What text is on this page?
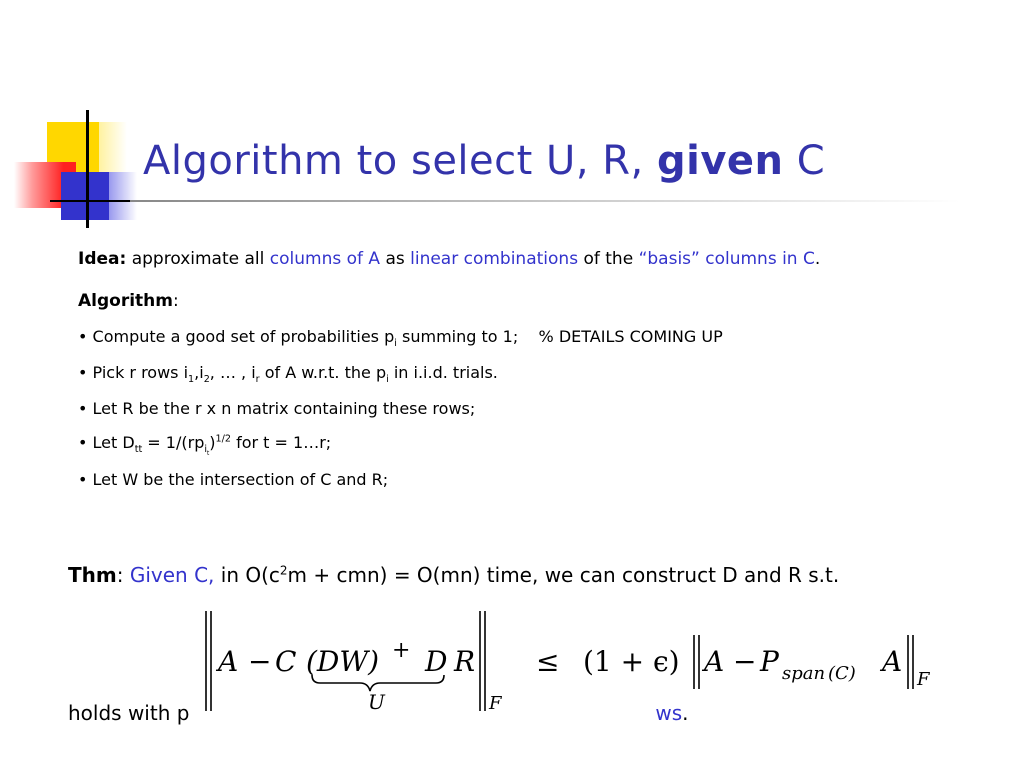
Algorithm to select U, R, given C
Idea: approximate all columns of A as linear combinations of the “basis” columns in C.
Algorithm:
• Compute a good set of probabilities $p_i$ summing to 1;    % DETAILS COMING UP
• Pick r rows $i_1,i_2$, … , $i_r$ of A w.r.t. the $p_i$ in i.i.d. trials.
• Let R be the r x n matrix containing these rows;
• Let $D_{tt} = 1/(rp_{i_t})^{1/2}$ for t = 1…r;
• Let W be the intersection of C and R;
Thm: Given C, in $O(c^2m + cmn) = O(mn)$ time, we can construct D and R s.t.
A − C (DW) + D R
U	F
≤ (1 + ϵ) A − P span (C) A
F
holds with p	ws.
